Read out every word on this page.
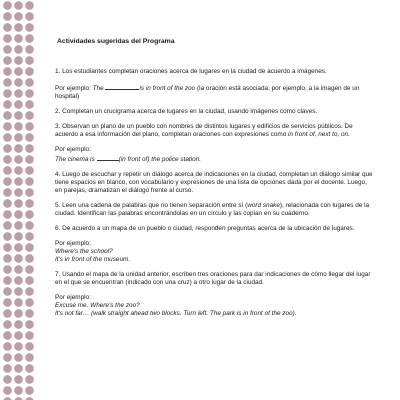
Actividades sugeridas del Programa

1. Los estudiantes completan oraciones acerca de lugares en la ciudad de acuerdo a imágenes.

Por ejemplo: The	is in front of the zoo (la oración está asociada, por ejemplo, a la imagen de un hospital)

2. Completan un crucigrama acerca de lugares en la ciudad, usando imágenes como claves.

3. Observan un plano de un pueblo con nombres de distintos lugares y edificios de servicios públicos. De acuerdo a esa información del plano, completan oraciones con expresiones como in front of, next to, on.

Por ejemplo:
The cinema is	(in front of) the police station.

4. Luego de escuchar y repetir un diálogo acerca de indicaciones en la ciudad, completan un diálogo similar que tiene espacios en blanco, con vocabulario y expresiones de una lista de opciones dada por el docente. Luego, en parejas, dramatizan el diálogo frente al curso.

5. Leen una cadena de palabras que no tienen separación entre sí (word snake), relacionada con lugares de la ciudad. Identifican las palabras encontrándolas en un círculo y las copian en su cuaderno.

6. De acuerdo a un mapa de un pueblo o ciudad, responden preguntas acerca de la ubicación de lugares.

Por ejemplo:
Where's the school?
It's in front of the museum.

7. Usando el mapa de la unidad anterior, escriben tres oraciones para dar indicaciones de cómo llegar del lugar en el que se encuentran (indicado con una cruz) a otro lugar de la ciudad.

Por ejemplo:
Excuse me. Where's the zoo?
It's not far… (walk straight ahead two blocks. Turn left. The park is in front of the zoo).
